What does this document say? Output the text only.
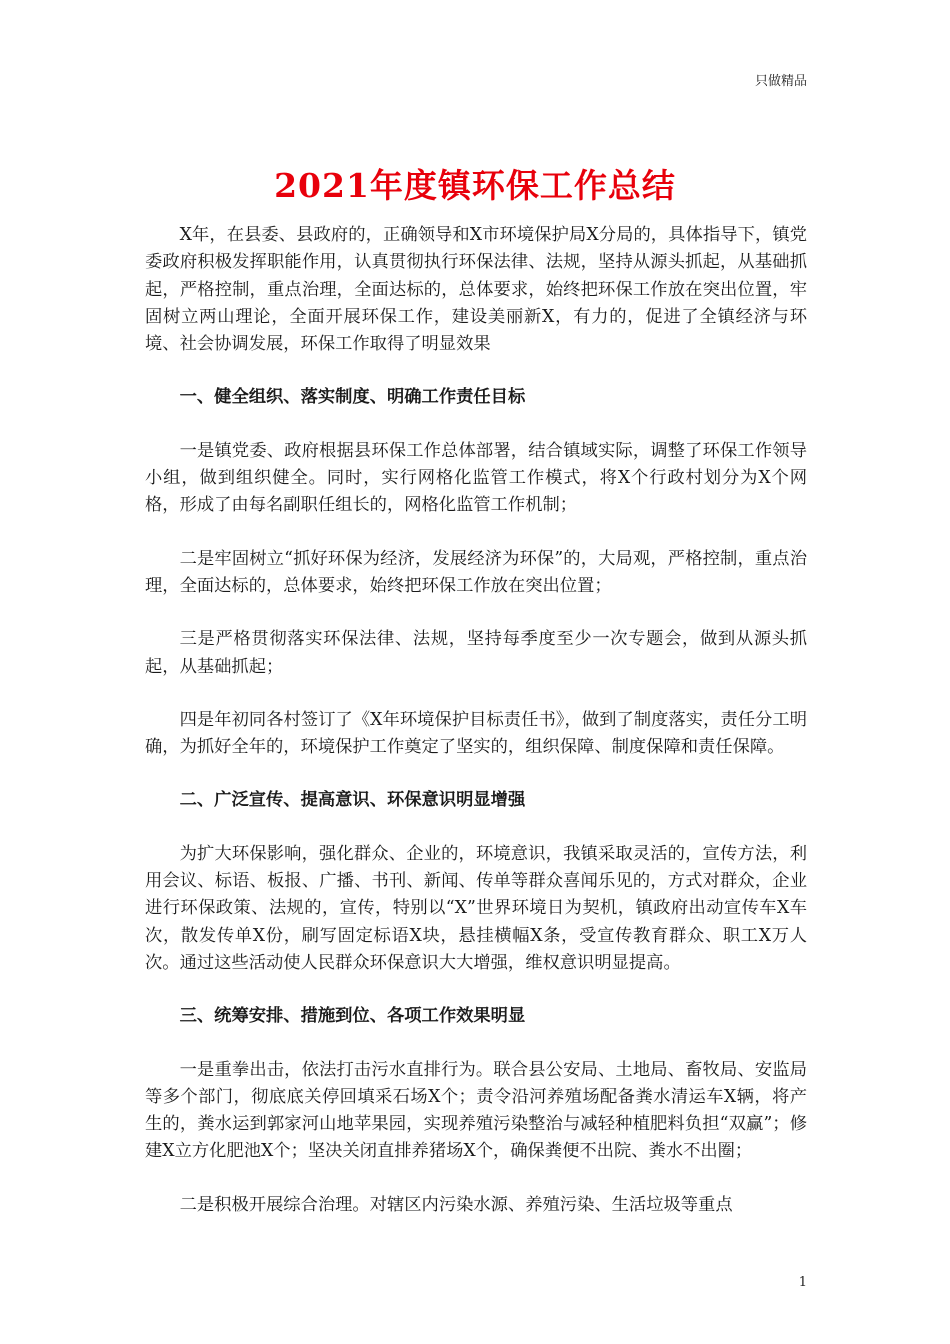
只做精品
2021年度镇环保工作总结

X年，在县委、县政府的，正确领导和X市环境保护局X分局的，具体指导下，镇党委政府积极发挥职能作用，认真贯彻执行环保法律、法规，坚持从源头抓起，从基础抓起，严格控制，重点治理，全面达标的，总体要求，始终把环保工作放在突出位置，牢固树立两山理论，全面开展环保工作，建设美丽新X，有力的，促进了全镇经济与环境、社会协调发展，环保工作取得了明显效果

一、健全组织、落实制度、明确工作责任目标

一是镇党委、政府根据县环保工作总体部署，结合镇域实际，调整了环保工作领导小组，做到组织健全。同时，实行网格化监管工作模式，将X个行政村划分为X个网格，形成了由每名副职任组长的，网格化监管工作机制；

二是牢固树立“抓好环保为经济，发展经济为环保”的，大局观，严格控制，重点治理，全面达标的，总体要求，始终把环保工作放在突出位置；

三是严格贯彻落实环保法律、法规，坚持每季度至少一次专题会，做到从源头抓起，从基础抓起；

四是年初同各村签订了《X年环境保护目标责任书》，做到了制度落实，责任分工明确，为抓好全年的，环境保护工作奠定了坚实的，组织保障、制度保障和责任保障。

二、广泛宣传、提高意识、环保意识明显增强

为扩大环保影响，强化群众、企业的，环境意识，我镇采取灵活的，宣传方法，利用会议、标语、板报、广播、书刊、新闻、传单等群众喜闻乐见的，方式对群众，企业进行环保政策、法规的，宣传，特别以“X”世界环境日为契机，镇政府出动宣传车X车次，散发传单X份，刷写固定标语X块，悬挂横幅X条，受宣传教育群众、职工X万人次。通过这些活动使人民群众环保意识大大增强，维权意识明显提高。

三、统筹安排、措施到位、各项工作效果明显

一是重拳出击，依法打击污水直排行为。联合县公安局、土地局、畜牧局、安监局等多个部门，彻底底关停回填采石场X个；责令沿河养殖场配备粪水清运车X辆，将产生的，粪水运到郭家河山地苹果园，实现养殖污染整治与减轻种植肥料负担“双赢”；修建X立方化肥池X个；坚决关闭直排养猪场X个，确保粪便不出院、粪水不出圈；

二是积极开展综合治理。对辖区内污染水源、养殖污染、生活垃圾等重点

1
